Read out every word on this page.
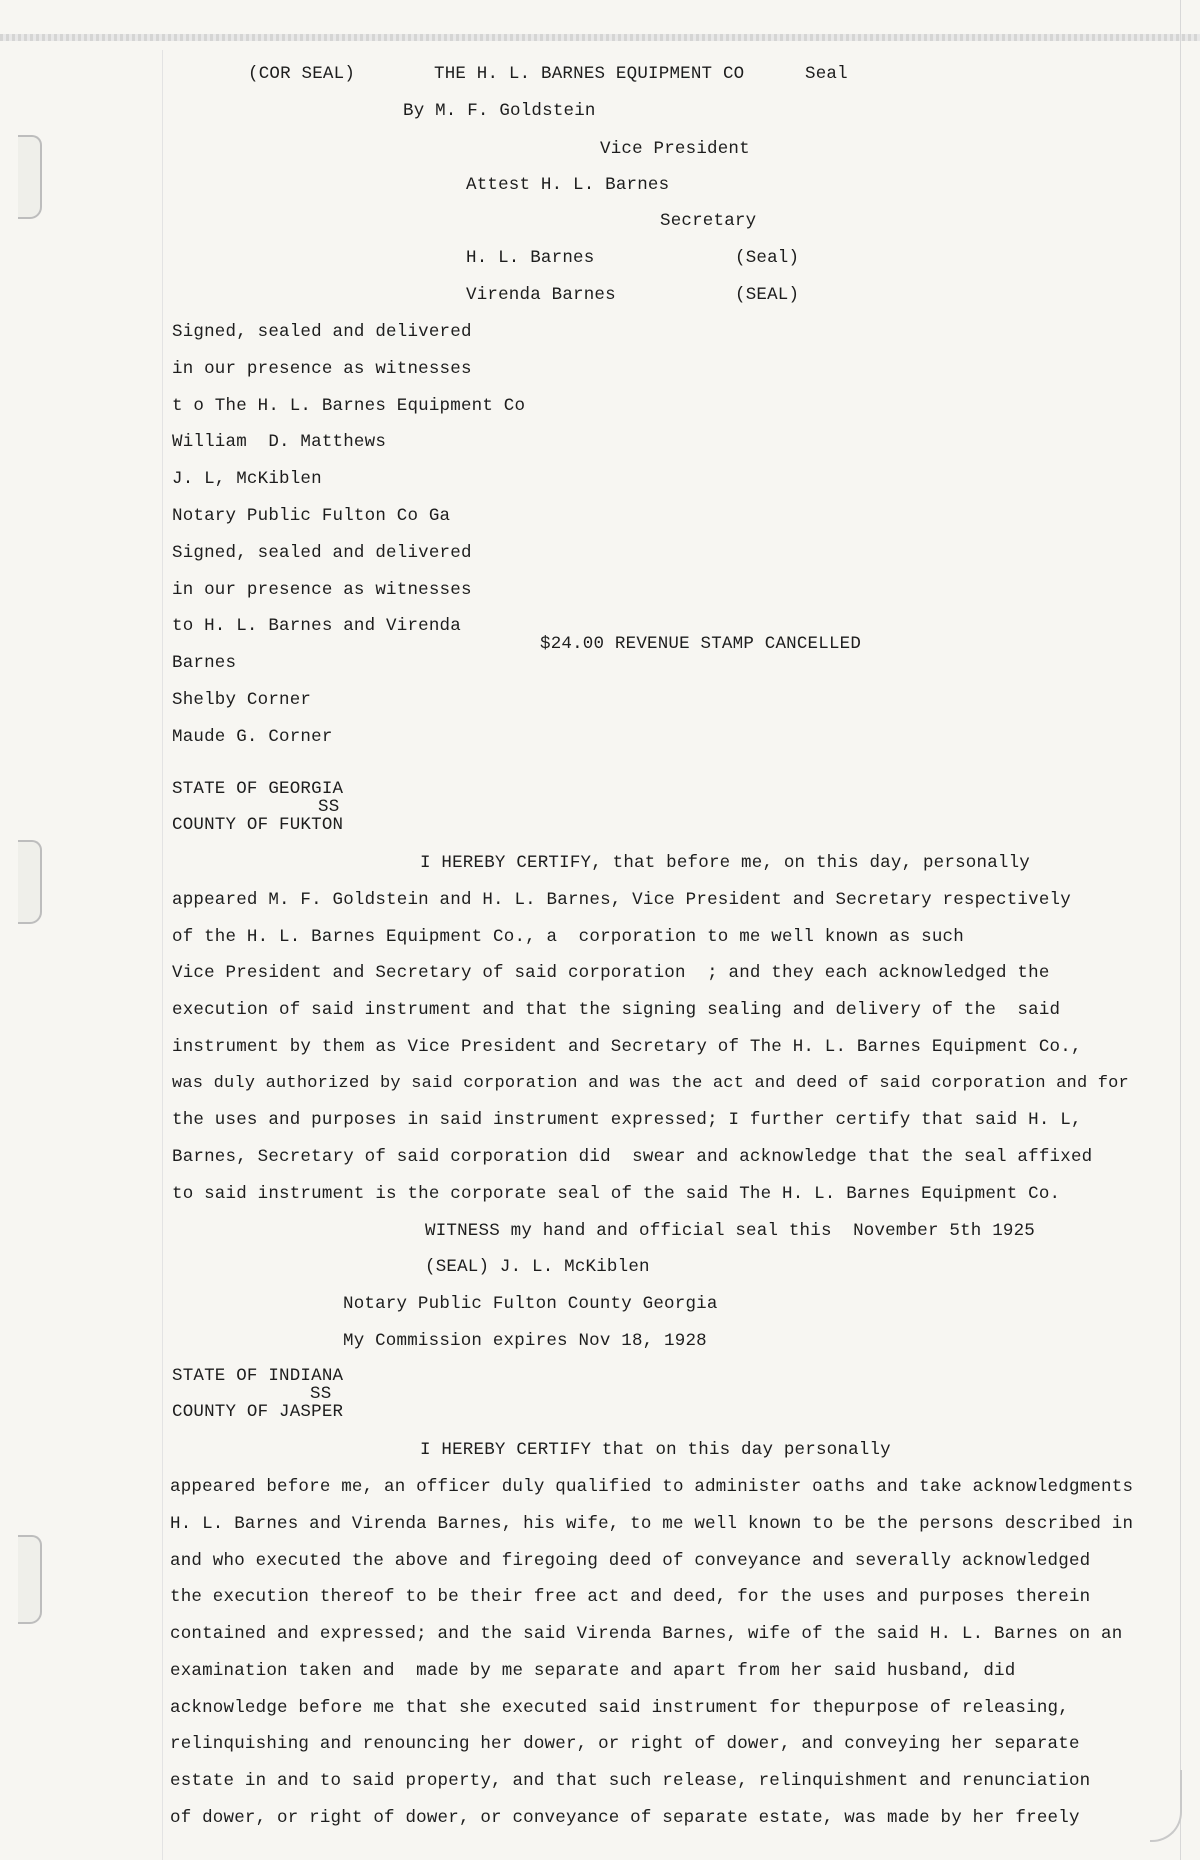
(COR SEAL)	THE H. L. BARNES EQUIPMENT CO	Seal
By M. F. Goldstein
Vice President
Attest H. L. Barnes
Secretary
H. L. Barnes	(Seal)
Virenda Barnes	(SEAL)
Signed, sealed and delivered
in our presence as witnesses
t o The H. L. Barnes Equipment Co
William  D. Matthews
J. L, McKiblen
Notary Public Fulton Co Ga
Signed, sealed and delivered
in our presence as witnesses
to H. L. Barnes and Virenda
Barnes
Shelby Corner
Maude G. Corner
$24.00 REVENUE STAMP CANCELLED
STATE OF GEORGIA
SS
COUNTY OF FUKTON
I HEREBY CERTIFY, that before me, on this day, personally
appeared M. F. Goldstein and H. L. Barnes, Vice President and Secretary respectively
of the H. L. Barnes Equipment Co., a  corporation to me well known as such
Vice President and Secretary of said corporation  ; and they each acknowledged the
execution of said instrument and that the signing sealing and delivery of the  said
instrument by them as Vice President and Secretary of The H. L. Barnes Equipment Co.,
was duly authorized by said corporation and was the act and deed of said corporation and for
the uses and purposes in said instrument expressed; I further certify that said H. L,
Barnes, Secretary of said corporation did  swear and acknowledge that the seal affixed
to said instrument is the corporate seal of the said The H. L. Barnes Equipment Co.
WITNESS my hand and official seal this  November 5th 1925
(SEAL) J. L. McKiblen
Notary Public Fulton County Georgia
My Commission expires Nov 18, 1928
STATE OF INDIANA
SS
COUNTY OF JASPER
I HEREBY CERTIFY that on this day personally
appeared before me, an officer duly qualified to administer oaths and take acknowledgments
H. L. Barnes and Virenda Barnes, his wife, to me well known to be the persons described in
and who executed the above and firegoing deed of conveyance and severally acknowledged
the execution thereof to be their free act and deed, for the uses and purposes therein
contained and expressed; and the said Virenda Barnes, wife of the said H. L. Barnes on an
examination taken and  made by me separate and apart from her said husband, did
acknowledge before me that she executed said instrument for thepurpose of releasing,
relinquishing and renouncing her dower, or right of dower, and conveying her separate
estate in and to said property, and that such release, relinquishment and renunciation
of dower, or right of dower, or conveyance of separate estate, was made by her freely
